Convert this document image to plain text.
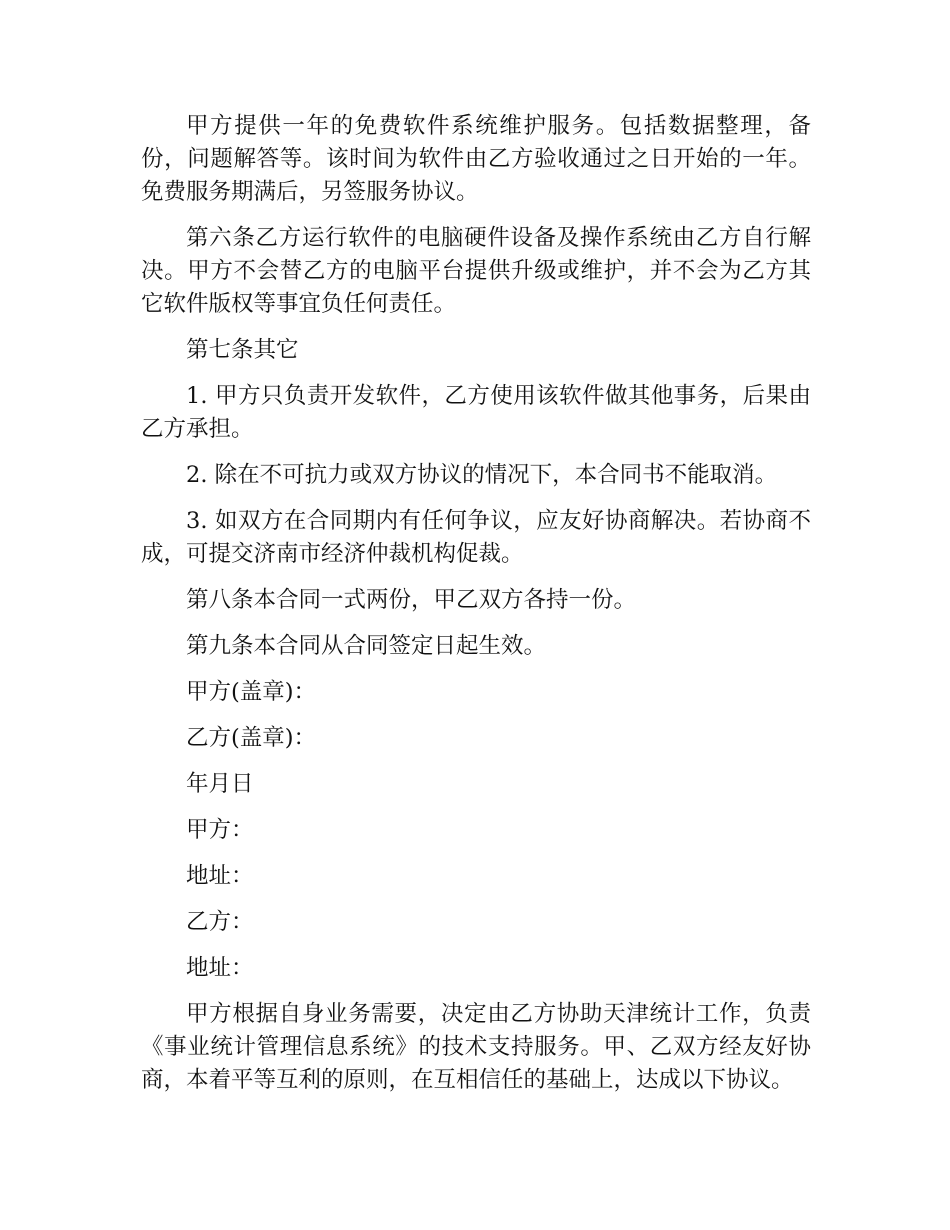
甲方提供一年的免费软件系统维护服务。包括数据整理，备份，问题解答等。该时间为软件由乙方验收通过之日开始的一年。免费服务期满后，另签服务协议。

第六条乙方运行软件的电脑硬件设备及操作系统由乙方自行解决。甲方不会替乙方的电脑平台提供升级或维护，并不会为乙方其它软件版权等事宜负任何责任。

第七条其它

1. 甲方只负责开发软件，乙方使用该软件做其他事务，后果由乙方承担。

2. 除在不可抗力或双方协议的情况下，本合同书不能取消。

3. 如双方在合同期内有任何争议，应友好协商解决。若协商不成，可提交济南市经济仲裁机构促裁。

第八条本合同一式两份，甲乙双方各持一份。

第九条本合同从合同签定日起生效。

甲方(盖章)：

乙方(盖章)：

年月日

甲方：

地址：

乙方：

地址：

甲方根据自身业务需要，决定由乙方协助天津统计工作，负责《事业统计管理信息系统》的技术支持服务。甲、乙双方经友好协商，本着平等互利的原则，在互相信任的基础上，达成以下协议。
